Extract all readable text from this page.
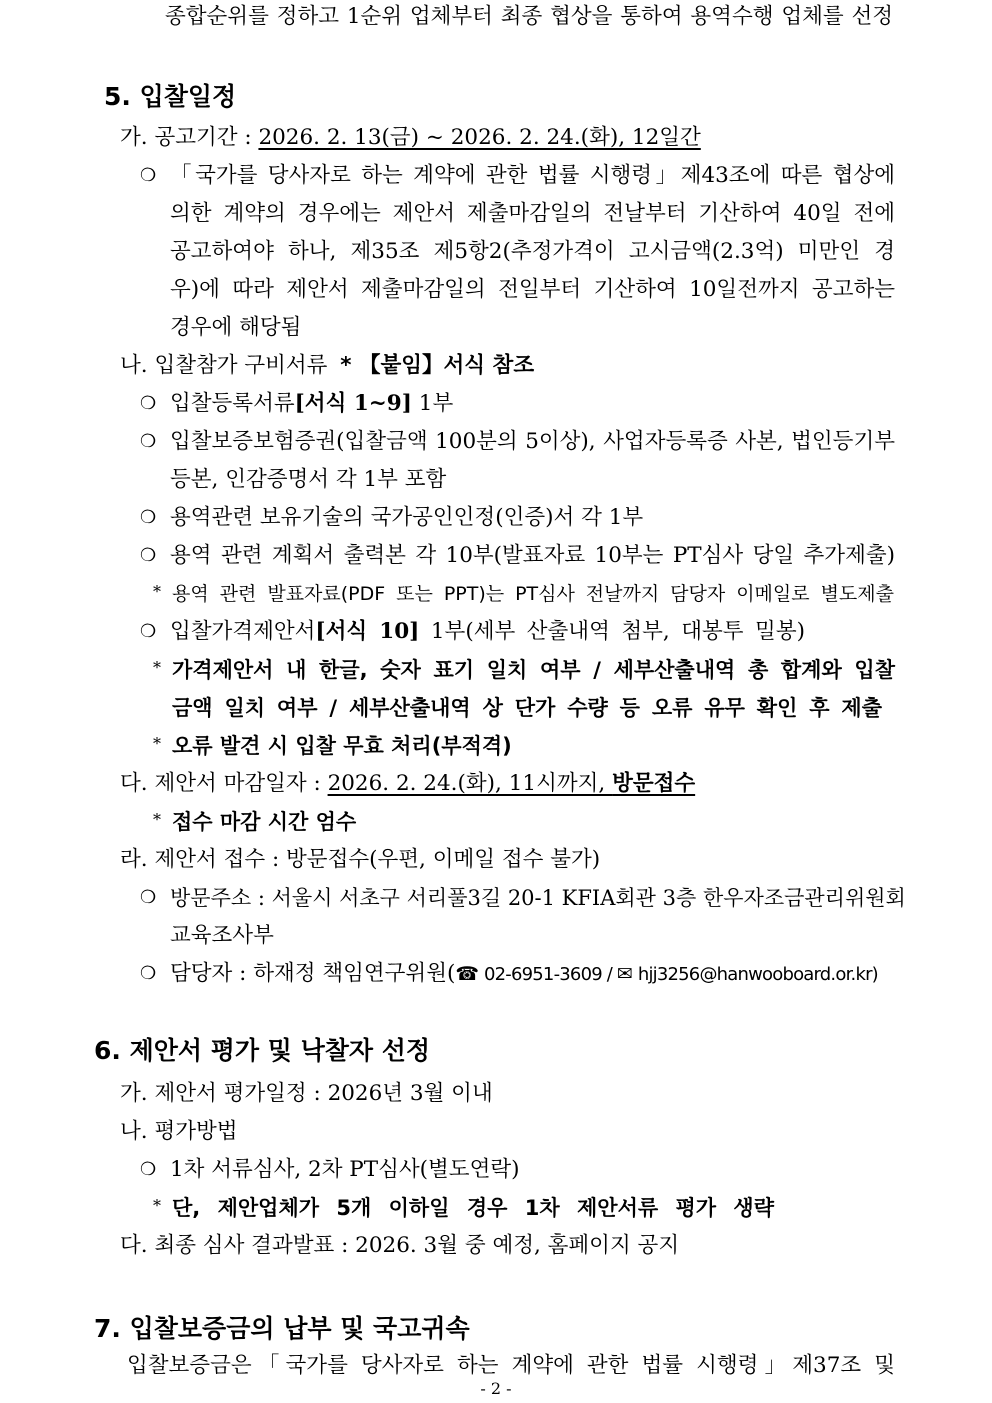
종합순위를 정하고 1순위 업체부터 최종 협상을 통하여 용역수행 업체를 선정
5. 입찰일정
가. 공고기간 : 2026. 2. 13(금) ~ 2026. 2. 24.(화), 12일간
❍ 「국가를 당사자로 하는 계약에 관한 법률 시행령」제43조에 따른 협상에
의한 계약의 경우에는 제안서 제출마감일의 전날부터 기산하여 40일 전에
공고하여야 하나, 제35조 제5항2(추정가격이 고시금액(2.3억) 미만인 경
우)에 따라 제안서 제출마감일의 전일부터 기산하여 10일전까지 공고하는
경우에 해당됨
나. 입찰참가 구비서류 * 【붙임】서식 참조
❍ 입찰등록서류[서식 1~9] 1부
❍ 입찰보증보험증권(입찰금액 100분의 5이상), 사업자등록증 사본, 법인등기부
등본, 인감증명서 각 1부 포함
❍ 용역관련 보유기술의 국가공인인정(인증)서 각 1부
❍ 용역 관련 계획서 출력본 각 10부(발표자료 10부는 PT심사 당일 추가제출)
* 용역 관련 발표자료(PDF 또는 PPT)는 PT심사 전날까지 담당자 이메일로 별도제출
❍ 입찰가격제안서[서식 10] 1부(세부 산출내역 첨부, 대봉투 밀봉)
* 가격제안서 내 한글, 숫자 표기 일치 여부 / 세부산출내역 총 합계와 입찰
금액 일치 여부 / 세부산출내역 상 단가 수량 등 오류 유무 확인 후 제출
* 오류 발견 시 입찰 무효 처리(부적격)
다. 제안서 마감일자 : 2026. 2. 24.(화), 11시까지, 방문접수
* 접수 마감 시간 엄수
라. 제안서 접수 : 방문접수(우편, 이메일 접수 불가)
❍ 방문주소 : 서울시 서초구 서리풀3길 20-1 KFIA회관 3층 한우자조금관리위원회
교육조사부
❍ 담당자 : 하재정 책임연구위원(☎ 02-6951-3609 / ✉ hjj3256@hanwooboard.or.kr)
6. 제안서 평가 및 낙찰자 선정
가. 제안서 평가일정 : 2026년 3월 이내
나. 평가방법
❍ 1차 서류심사, 2차 PT심사(별도연락)
* 단, 제안업체가 5개 이하일 경우 1차 제안서류 평가 생략
다. 최종 심사 결과발표 : 2026. 3월 중 예정, 홈페이지 공지
7. 입찰보증금의 납부 및 국고귀속
입찰보증금은「국가를 당사자로 하는 계약에 관한 법률 시행령」제37조 및
- 2 -
